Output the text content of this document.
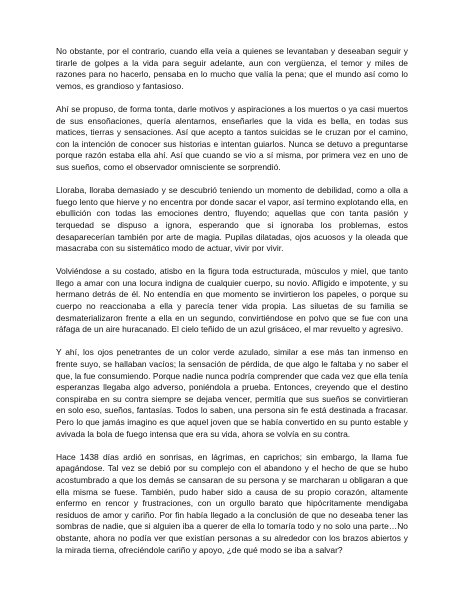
No obstante, por el contrario, cuando ella veía a quienes se levantaban y deseaban seguir y tirarle de golpes a la vida para seguir adelante, aun con vergüenza, el temor y miles de razones para no hacerlo, pensaba en lo mucho que valía la pena; que el mundo así como lo vemos, es grandioso y fantasioso.

Ahí se propuso, de forma tonta, darle motivos y aspiraciones a los muertos o ya casi muertos de sus ensoñaciones, quería alentarnos, enseñarles que la vida es bella, en todas sus matices, tierras y sensaciones. Así que acepto a tantos suicidas se le cruzan por el camino, con la intención de conocer sus historias e intentan guiarlos. Nunca se detuvo a preguntarse porque razón estaba ella ahí. Así que cuando se vio a sí misma, por primera vez en uno de sus sueños, como el observador omnisciente se sorprendió.

Lloraba, lloraba demasiado y se descubrió teniendo un momento de debilidad, como a olla a fuego lento que hierve y no encentra por donde sacar el vapor, así termino explotando ella, en ebullición con todas las emociones dentro, fluyendo; aquellas que con tanta pasión y terquedad se dispuso a ignora, esperando que si ignoraba los problemas, estos desaparecerían también por arte de magia. Pupilas dilatadas, ojos acuosos y la oleada que masacraba con su sistemático modo de actuar, vivir por vivir.

Volviéndose a su costado, atisbo en la figura toda estructurada, músculos y miel, que tanto llego a amar con una locura indigna de cualquier cuerpo, su novio. Afligido e impotente, y su hermano detrás de él. No entendía en que momento se invirtieron los papeles, o porque su cuerpo no reaccionaba a ella y parecía tener vida propia. Las siluetas de su familia se desmaterializaron frente a ella en un segundo, convirtiéndose en polvo que se fue con una ráfaga de un aire huracanado. El cielo teñido de un azul grisáceo, el mar revuelto y agresivo.

Y ahí, los ojos penetrantes de un color verde azulado, similar a ese más tan inmenso en frente suyo, se hallaban vacíos; la sensación de pérdida, de que algo le faltaba y no saber el que, la fue consumiendo. Porque nadie nunca podría comprender que cada vez que ella tenía esperanzas llegaba algo adverso, poniéndola a prueba. Entonces, creyendo que el destino conspiraba en su contra siempre se dejaba vencer, permitía que sus sueños se convirtieran en solo eso, sueños, fantasías. Todos lo saben, una persona sin fe está destinada a fracasar. Pero lo que jamás imagino es que aquel joven que se había convertido en su punto estable y avivada la bola de fuego intensa que era su vida, ahora se volvía en su contra.

Hace 1438 días ardió en sonrisas, en lágrimas, en caprichos; sin embargo, la llama fue apagándose. Tal vez se debió por su complejo con el abandono y el hecho de que se hubo acostumbrado a que los demás se cansaran de su persona y se marcharan u obligaran a que ella misma se fuese. También, pudo haber sido a causa de su propio corazón, altamente enfermo en rencor y frustraciones, con un orgullo barato que hipócritamente mendigaba residuos de amor y cariño. Por fin había llegado a la conclusión de que no deseaba tener las sombras de nadie, que si alguien iba a querer de ella lo tomaría todo y no solo una parte…No obstante, ahora no podía ver que existían personas a su alrededor con los brazos abiertos y la mirada tierna, ofreciéndole cariño y apoyo, ¿de qué modo se iba a salvar?
